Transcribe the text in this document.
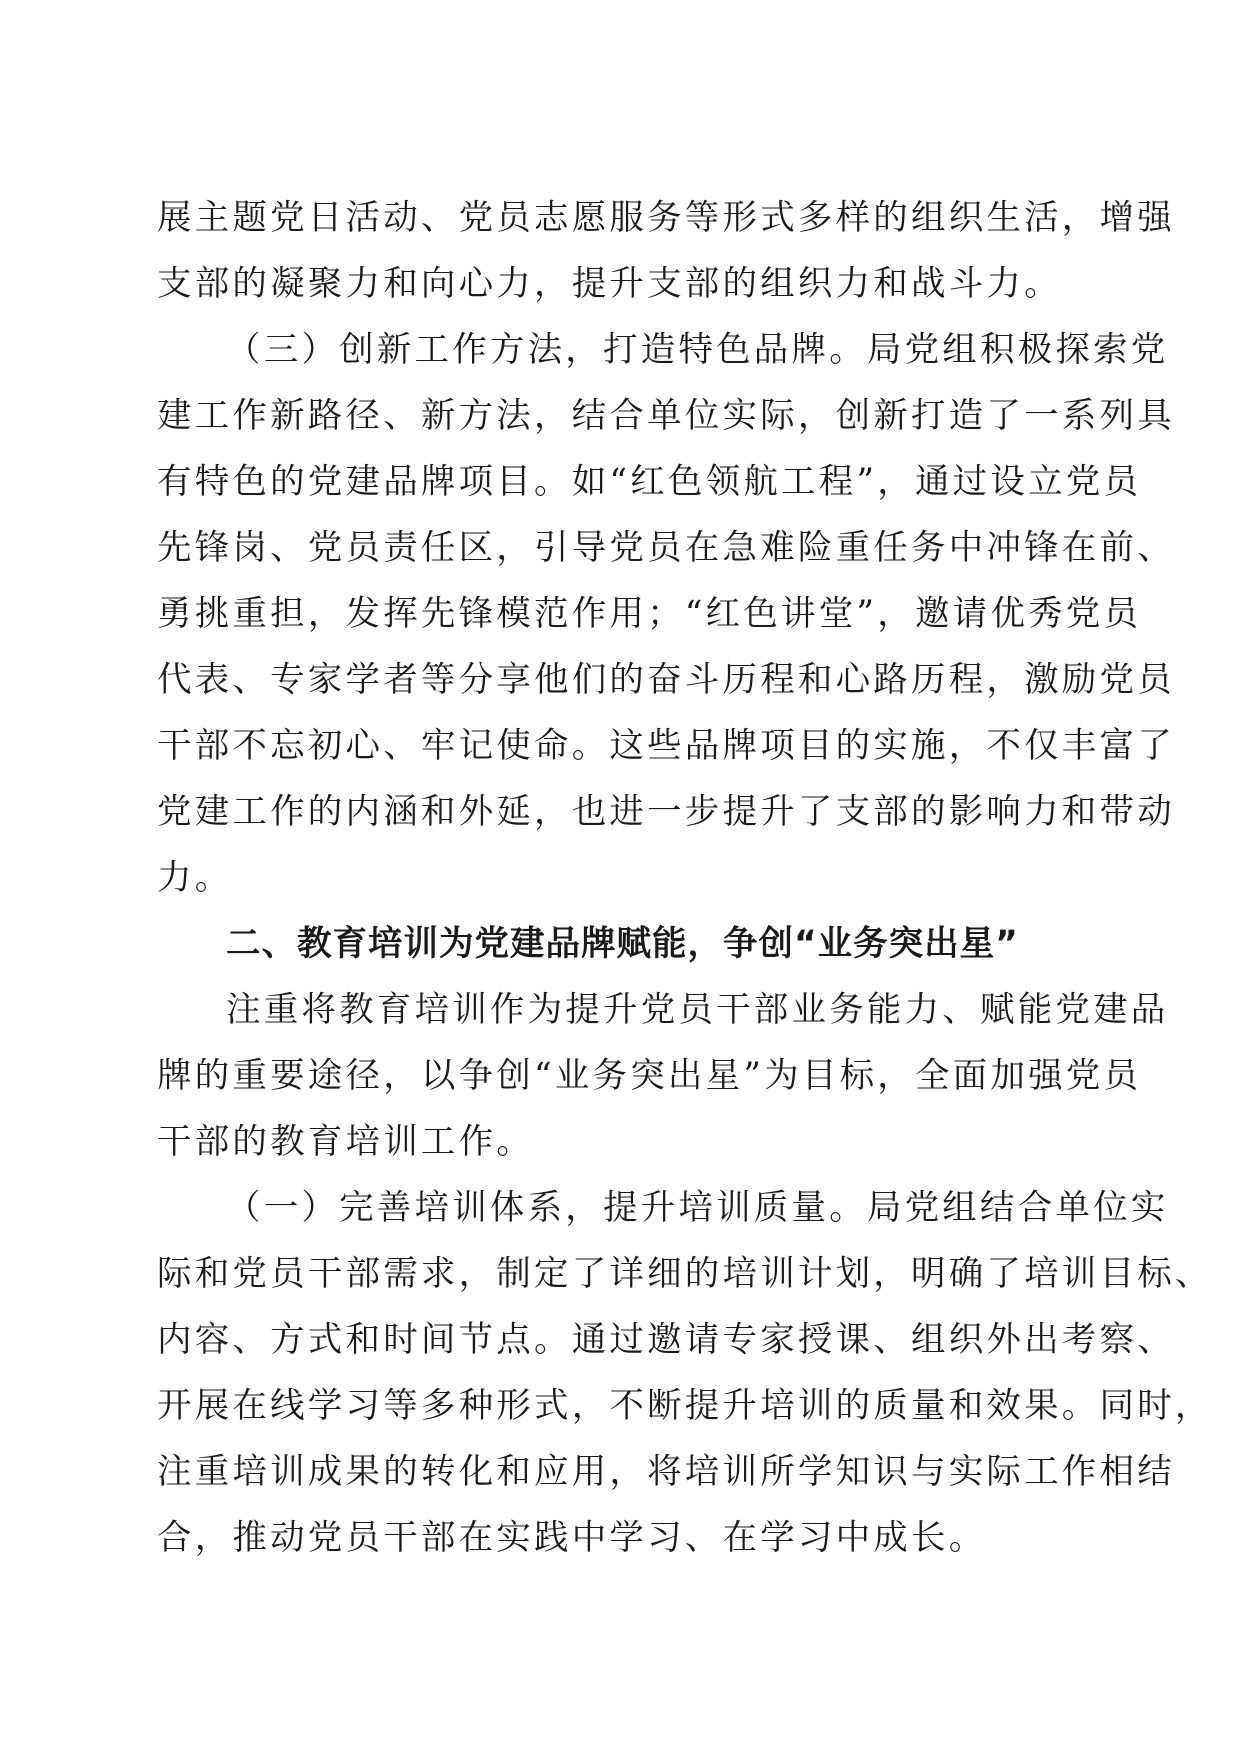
展主题党日活动、党员志愿服务等形式多样的组织生活，增强
支部的凝聚力和向心力，提升支部的组织力和战斗力。
（三）创新工作方法，打造特色品牌。局党组积极探索党
建工作新路径、新方法，结合单位实际，创新打造了一系列具
有特色的党建品牌项目。如“红色领航工程”，通过设立党员
先锋岗、党员责任区，引导党员在急难险重任务中冲锋在前、
勇挑重担，发挥先锋模范作用；“红色讲堂”，邀请优秀党员
代表、专家学者等分享他们的奋斗历程和心路历程，激励党员
干部不忘初心、牢记使命。这些品牌项目的实施，不仅丰富了
党建工作的内涵和外延，也进一步提升了支部的影响力和带动
力。
二、教育培训为党建品牌赋能，争创“业务突出星”
注重将教育培训作为提升党员干部业务能力、赋能党建品
牌的重要途径，以争创“业务突出星”为目标，全面加强党员
干部的教育培训工作。
（一）完善培训体系，提升培训质量。局党组结合单位实
际和党员干部需求，制定了详细的培训计划，明确了培训目标、
内容、方式和时间节点。通过邀请专家授课、组织外出考察、
开展在线学习等多种形式，不断提升培训的质量和效果。同时，
注重培训成果的转化和应用，将培训所学知识与实际工作相结
合，推动党员干部在实践中学习、在学习中成长。
